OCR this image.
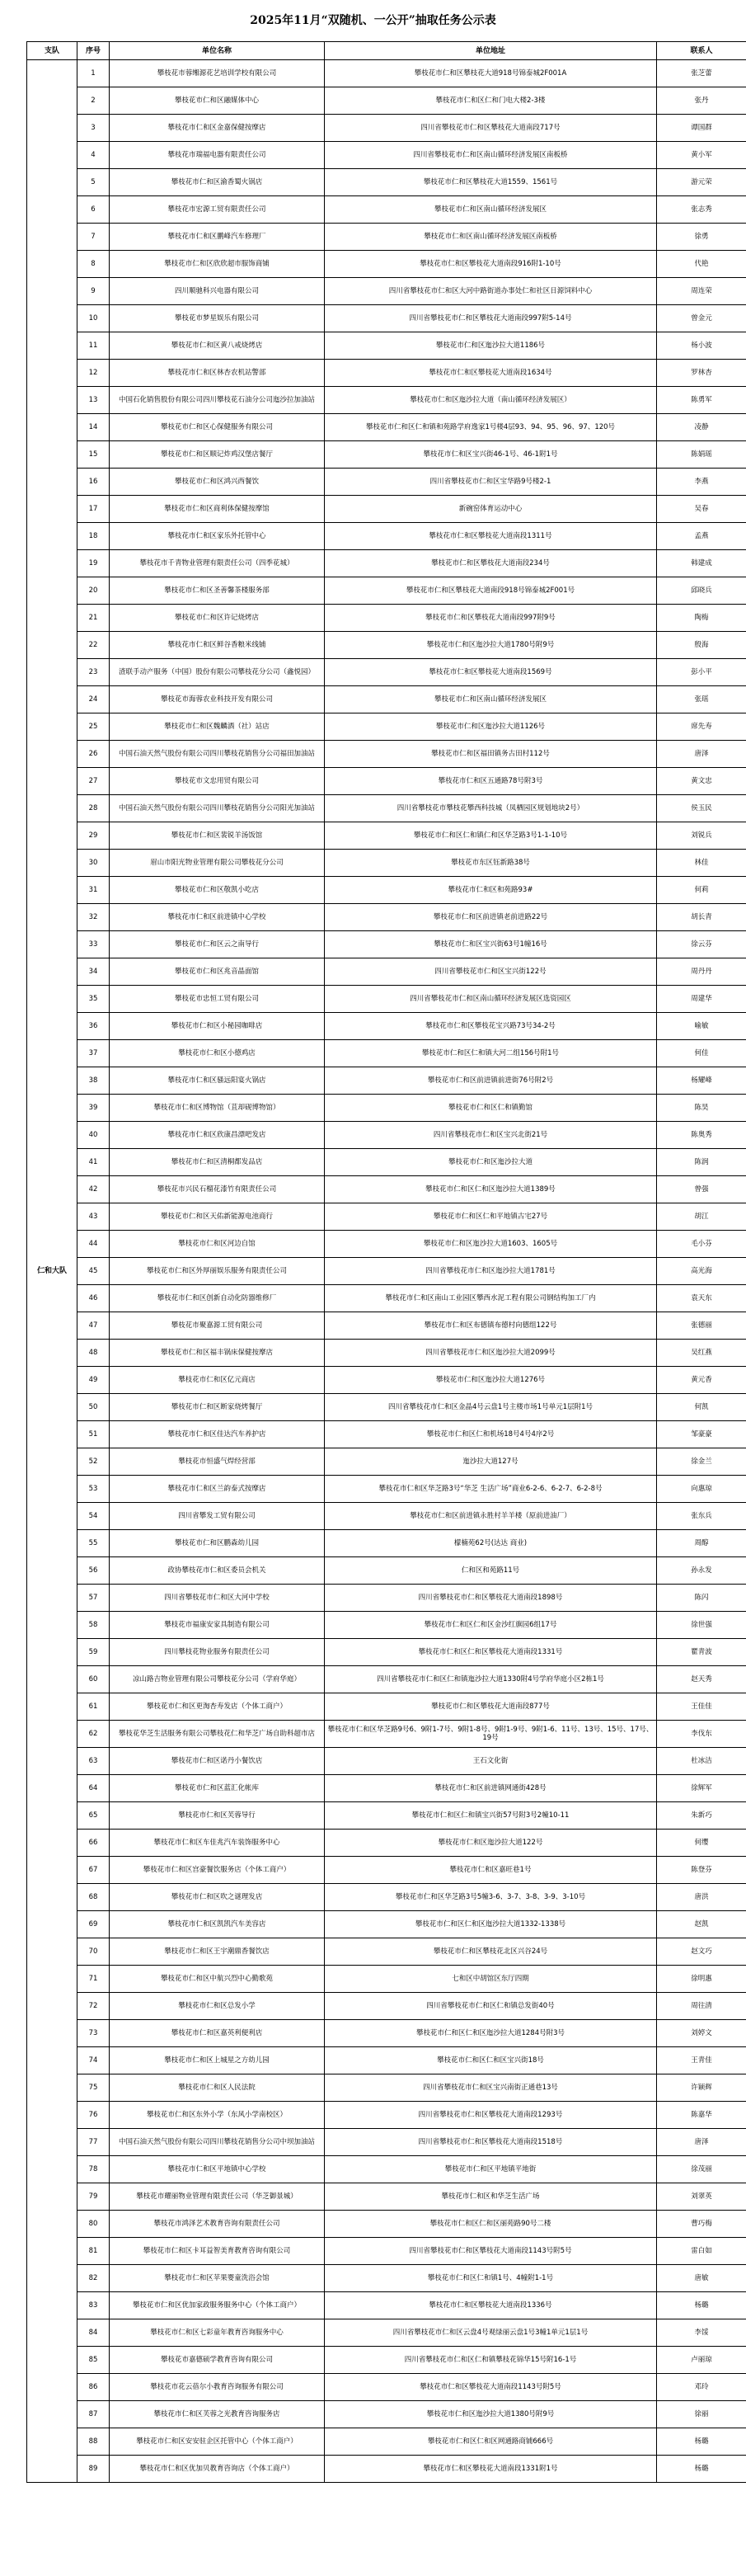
2025年11月“双随机、一公开”抽取任务公示表
支队	序号	单位名称	单位地址	联系人
仁和大队	1	攀枝花市蓉缃源花艺培训学校有限公司	攀枝花市仁和区攀枝花大道918号锦泰城2F001A	张芝蕾
	2	攀枝花市仁和区融媒体中心	攀枝花市仁和区仁和门电大楼2-3楼	张丹
	3	攀枝花市仁和区金嘉保健按摩店	四川省攀枝花市仁和区攀枝花大道南段717号	谭国群
	4	攀枝花市瑞福电器有限责任公司	四川省攀枝花市仁和区南山循环经济发展区南板桥	黄小军
	5	攀枝花市仁和区渝香蜀火锅店	攀枝花市仁和区攀枝花大道1559、1561号	游元荣
	6	攀枝花市宏源工贸有限责任公司	攀枝花市仁和区南山循环经济发展区	张志秀
	7	攀枝花市仁和区鹏峰汽车修理厂	攀枝花市仁和区南山循环经济发展区南板桥	徐勇
	8	攀枝花市仁和区欣欣超市服饰商铺	攀枝花市仁和区攀枝花大道南段916附1-10号	代艳
	9	四川顺驰科兴电器有限公司	四川省攀枝花市仁和区大河中路街道办事处仁和社区日源饲料中心	周连荣
	10	攀枝花市梦星娱乐有限公司	四川省攀枝花市仁和区攀枝花大道南段997附5-14号	曾金元
	11	攀枝花市仁和区黄八戒烧烤店	攀枝花市仁和区迤沙拉大道1186号	杨小波
	12	攀枝花市仁和区林杏农机站警部	攀枝花市仁和区攀枝花大道南段1634号	罗林杏
	13	中国石化销售股份有限公司四川攀枝花石油分公司迤沙拉加油站	攀枝花市仁和区迤沙拉大道（南山循环经济发展区）	陈勇军
	14	攀枝花市仁和区心保健服务有限公司	攀枝花市仁和区仁和镇和苑路学府逸家1号楼4层93、94、95、96、97、120号	凌静
	15	攀枝花市仁和区顺记炸鸡汉堡店餐厅	攀枝花市仁和区宝兴街46-1号、46-1附1号	陈娟瑶
	16	攀枝花市仁和区鸿兴西餐饮	四川省攀枝花市仁和区宝华路9号楼2-1	李燕
	17	攀枝花市仁和区商利体保健按摩馆	新碗窑体育运动中心	吴春
	18	攀枝花市仁和区家乐外托管中心	攀枝花市仁和区攀枝花大道南段1311号	孟燕
	19	攀枝花市千青物业管理有限责任公司（四季花城）	攀枝花市仁和区攀枝花大道南段234号	韩建成
	20	攀枝花市仁和区圣善馨茶楼服务部	攀枝花市仁和区攀枝花大道南段918号锦泰城2F001号	邱晓兵
	21	攀枝花市仁和区许记烧烤店	攀枝花市仁和区攀枝花大道南段997附9号	陶梅
	22	攀枝花市仁和区鲜谷香粮米线铺	攀枝花市仁和区迤沙拉大道1780号附9号	殷海
	23	渣联手动产服务（中国）股份有限公司攀枝花分公司（鑫悦园）	攀枝花市仁和区攀枝花大道南段1569号	彭小平
	24	攀枝花市海蓉农业科技开发有限公司	攀枝花市仁和区南山循环经济发展区	张瑶
	25	攀枝花市仁和区魏麟酒（社）站店	攀枝花市仁和区迤沙拉大道1126号	席先寿
	26	中国石油天然气股份有限公司四川攀枝花销售分公司福田加油站	攀枝花市仁和区福田镇务古田村112号	唐泽
	27	攀枝花市文忠用贸有限公司	攀枝花市仁和区五通路78号附3号	黄文忠
	28	中国石油天然气股份有限公司四川攀枝花销售分公司阳光加油站	四川省攀枝花市攀枝花攀西科技城（凤栖园区规划地块2号）	侯玉民
	29	攀枝花市仁和区裴锐羊汤饭馆	攀枝花市仁和区仁和镇仁和区华芝路3号1-1-10号	刘锐兵
	30	眉山市阳光物业管理有限公司攀枝花分公司	攀枝花市东区钰新路38号	林佳
	31	攀枝花市仁和区敬凯小吃店	攀枝花市仁和区和苑路93#	何莉
	32	攀枝花市仁和区前进镇中心学校	攀枝花市仁和区前进镇老前进路22号	胡长青
	33	攀枝花市仁和区云之南导行	攀枝花市仁和区宝兴街63号1幢16号	徐云芬
	34	攀枝花市仁和区兆音晶面馆	四川省攀枝花市仁和区宝兴街122号	周丹丹
	35	攀枝花市忠恒工贸有限公司	四川省攀枝花市仁和区南山循环经济发展区选资园区	周建华
	36	攀枝花市仁和区小秘园咖啡店	攀枝花市仁和区攀枝花宝兴路73号34-2号	喻敏
	37	攀枝花市仁和区小德鸡店	攀枝花市仁和区仁和镇大河二组156号附1号	何佳
	38	攀枝花市仁和区骚远阳宴火锅店	攀枝花市仁和区前进镇前进街76号附2号	杨耀峰
	39	攀枝花市仁和区博物馆（苴却砚博物馆）	攀枝花市仁和区仁和镇勤馆	陈昊
	40	攀枝花市仁和区欣康昌漂吧发店	四川省攀枝花市仁和区宝兴北街21号	陈奥秀
	41	攀枝花市仁和区清桐都发品店	攀枝花市仁和区迤沙拉大道	陈润
	42	攀枝花市兴民石榴花漆竹有限责任公司	攀枝花市仁和区仁和区迤沙拉大道1389号	曾强
	43	攀枝花市仁和区天佑新能源电池商行	攀枝花市仁和区仁和平地镇古宅27号	胡江
	44	攀枝花市仁和区河边自馆	攀枝花市仁和区迤沙拉大道1603、1605号	毛小芬
	45	攀枝花市仁和区外厚丽娱乐服务有限责任公司	四川省攀枝花市仁和区迤沙拉大道1781号	高光海
	46	攀枝花市仁和区创新自动化防器维修厂	攀枝花市仁和区南山工业园区攀西水泥工程有限公司钢结构加工厂内	袁天东
	47	攀枝花市聚嘉源工贸有限公司	攀枝花市仁和区布德镇布德村向德组122号	张德丽
	48	攀枝花市仁和区福丰锅床保健按摩店	四川省攀枝花市仁和区迤沙拉大道2099号	吴红燕
	49	攀枝花市仁和区亿元商店	攀枝花市仁和区迤沙拉大道1276号	黄元香
	50	攀枝花市仁和区断家烧烤餐厅	四川省攀枝花市仁和区金晶4号云盘1号主楼市场1号单元1层附1号	何凯
	51	攀枝花市仁和区佳达汽车养护店	攀枝花市仁和区仁和机场18号4号4序2号	邹豪豪
	52	攀枝花市恒盛气焊经营部	迤沙拉大道127号	徐金兰
	53	攀枝花市仁和区兰韵泰式按摩店	攀枝花市仁和区华芝路3号“华芝 生活广场”商业6-2-6、6-2-7、6-2-8号	向惠琼
	54	四川省攀发工贸有限公司	攀枝花市仁和区前进镇永胜村羊羊楼（原前进油厂）	张东兵
	55	攀枝花市仁和区鹏森幼儿园	檬楠苑62号(达达 商业)	周醇
	56	政协攀枝花市仁和区委员会机关	仁和区和苑路11号	孙永发
	57	四川省攀枝花市仁和区大河中学校	四川省攀枝花市仁和区攀枝花大道南段1898号	陈闪
	58	攀枝花市福康安家具制造有限公司	攀枝花市仁和区仁和区金沙红旗园6组17号	徐世强
	59	四川攀枝花物业服务有限责任公司	攀枝花市仁和区仁和区攀枝花大道南段1331号	瞿青波
	60	凉山路吉物业管理有限公司攀枝花分公司（学府华庭）	四川省攀枝花市仁和区仁和镇迤沙拉大道1330附4号学府华庭小区2栋1号	赵天秀
	61	攀枝花市仁和区更淘杏寿发店（个体工商户）	攀枝花市仁和区攀枝花大道南段877号	王佳佳
	62	攀枝花华芝生活服务有限公司攀枝花仁和华芝广场自助科超市店	攀枝花市仁和区华芝路9号6、9附1-7号、9附1-8号、9附1-9号、9附1-6、11号、13号、15号、17号、19号	李伐东
	63	攀枝花市仁和区诺丹小餐饮店	王石文化街	杜冰洁
	64	攀枝花市仁和区蓝汇化帐库	攀枝花市仁和区前进镇网通街428号	徐辉军
	65	攀枝花市仁和区芙蓉导行	攀枝花市仁和区仁和镇宝兴街57号附3号2幢10-11	朱新巧
	66	攀枝花市仁和区车佳兆汽车装饰服务中心	攀枝花市仁和区迤沙拉大道122号	何缨
	67	攀枝花市仁和区宫豪餐饮服务店（个体工商户）	攀枝花市仁和区嘉旺巷1号	陈登芬
	68	攀枝花市仁和区吹之谜理发店	攀枝花市仁和区华芝路3号5幢3-6、3-7、3-8、3-9、3-10号	唐洪
	69	攀枝花市仁和区凯凯汽车美容店	攀枝花市仁和区仁和区迤沙拉大道1332-1338号	赵凯
	70	攀枝花市仁和区王宇潮鼎香餐饮店	攀枝花市仁和区攀枝花北区兴谷24号	赵文巧
	71	攀枝花市仁和区中航兴烈中心勤歌苑	七和区中胡馆区东厅四期	徐明惠
	72	攀枝花市仁和区总发小学	四川省攀枝花市仁和区仁和镇总发街40号	周往清
	73	攀枝花市仁和区嘉英利便利店	攀枝花市仁和区仁和区迤沙拉大道1284号附3号	刘婷文
	74	攀枝花市仁和区上城星之方幼儿园	攀枝花市仁和区仁和区宝兴街18号	王青佳
	75	攀枝花市仁和区人民法院	四川省攀枝花市仁和区宝兴南街正通巷13号	许颖辉
	76	攀枝花市仁和区东外小学（东风小学南校区）	四川省攀枝花市仁和区攀枝花大道南段1293号	陈嘉华
	77	中国石油天然气股份有限公司四川攀枝花销售分公司中坝加油站	四川省攀枝花市仁和区攀枝花大道南段1518号	唐泽
	78	攀枝花市仁和区平地镇中心学校	攀枝花市仁和区平地镇平地街	徐茂丽
	79	攀枝花市耀丽物业管理有限责任公司（华芝御景城）	攀枝花市仁和区和华芝生活广场	刘翠英
	80	攀枝花市鸿泽艺术教育咨询有限责任公司	攀枝花市仁和区仁和区丽苑路90号二楼	曹巧梅
	81	攀枝花市仁和区卡耳益智美育教育咨询有限公司	四川省攀枝花市仁和区攀枝花大道南段1143号附5号	雷白如
	82	攀枝花市仁和区苹果婴童洗浴会馆	攀枝花市仁和区仁和镇1号、4幢附1-1号	唐敏
	83	攀枝花市仁和区优加家政服务服务中心（个体工商户）	攀枝花市仁和区攀枝花大道南段1336号	杨璐
	84	攀枝花市仁和区七彩童年教育咨询服务中心	四川省攀枝花市仁和区云盘4号观绿丽云盘1号3幢1单元1层1号	李馁
	85	攀枝花市嘉德硕学教育咨询有限公司	四川省攀枝花市仁和区仁和镇攀枝花锦华15号附16-1号	卢丽琼
	86	攀枝花市花云蓓尔小教育咨询服务有限公司	攀枝花市仁和区攀枝花大道南段1143号附5号	邓玲
	87	攀枝花市仁和区芙蓉之光教育咨询服务店	攀枝花市仁和区迤沙拉大道1380号附9号	徐丽
	88	攀枝花市仁和区安安驻企区托管中心（个体工商户）	攀枝花市仁和区仁和区网通路商铺666号	杨璐
	89	攀枝花市仁和区优加贝教育咨询店（个体工商户）	攀枝花市仁和区攀枝花大道南段1331附1号	杨璐
